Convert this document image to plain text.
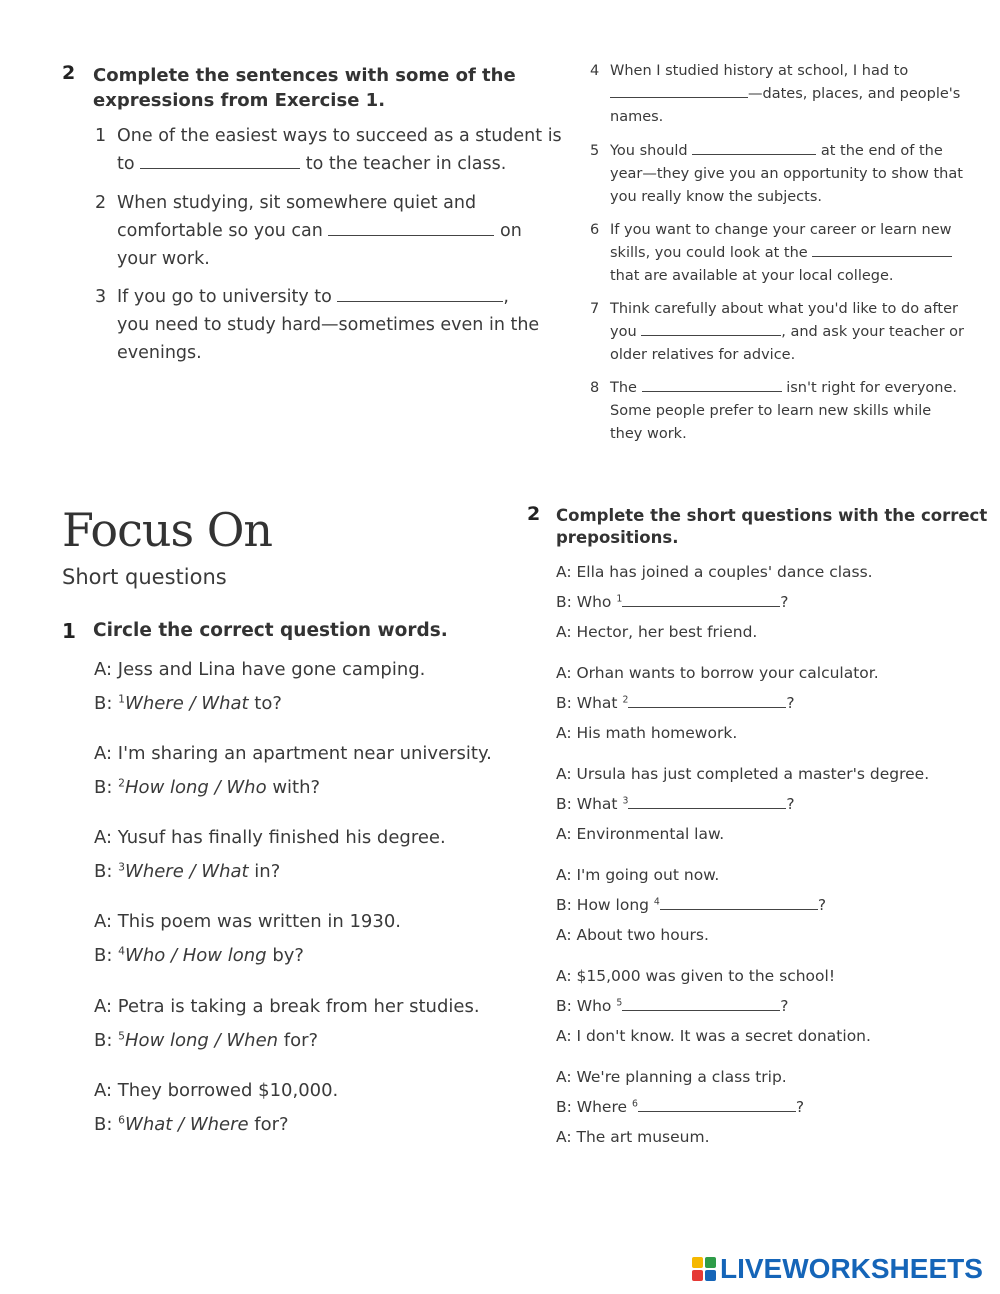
2 Complete the sentences with some of the
expressions from Exercise 1.
1 One of the easiest ways to succeed as a student is
to	to the teacher in class.
2 When studying, sit somewhere quiet and
comfortable so you can	on
your work.
3 If you go to university to	,
you need to study hard—sometimes even in the
evenings.
4 When I studied history at school, I had to
—dates, places, and people's
names.
5 You should	at the end of the
year—they give you an opportunity to show that
you really know the subjects.
6 If you want to change your career or learn new
skills, you could look at the
that are available at your local college.
7 Think carefully about what you'd like to do after
you	, and ask your teacher or
older relatives for advice.
8 The	isn't right for everyone.
Some people prefer to learn new skills while
they work.
Focus On
Short questions
1 Circle the correct question words.
A: Jess and Lina have gone camping.
B: $^1$Where / What to?
A: I'm sharing an apartment near university.
B: $^2$How long / Who with?
A: Yusuf has finally finished his degree.
B: $^3$Where / What in?
A: This poem was written in 1930.
B: $^4$Who / How long by?
A: Petra is taking a break from her studies.
B: $^5$How long / When for?
A: They borrowed $10,000.
B: $^6$What / Where for?
2 Complete the short questions with the correct
prepositions.
A: Ella has joined a couples' dance class.
B: Who $^1$	?
A: Hector, her best friend.
A: Orhan wants to borrow your calculator.
B: What $^2$	?
A: His math homework.
A: Ursula has just completed a master's degree.
B: What $^3$	?
A: Environmental law.
A: I'm going out now.
B: How long $^4$	?
A: About two hours.
A: $15,000 was given to the school!
B: Who $^5$	?
A: I don't know. It was a secret donation.
A: We're planning a class trip.
B: Where $^6$	?
A: The art museum.
LIVEWORKSHEETS
